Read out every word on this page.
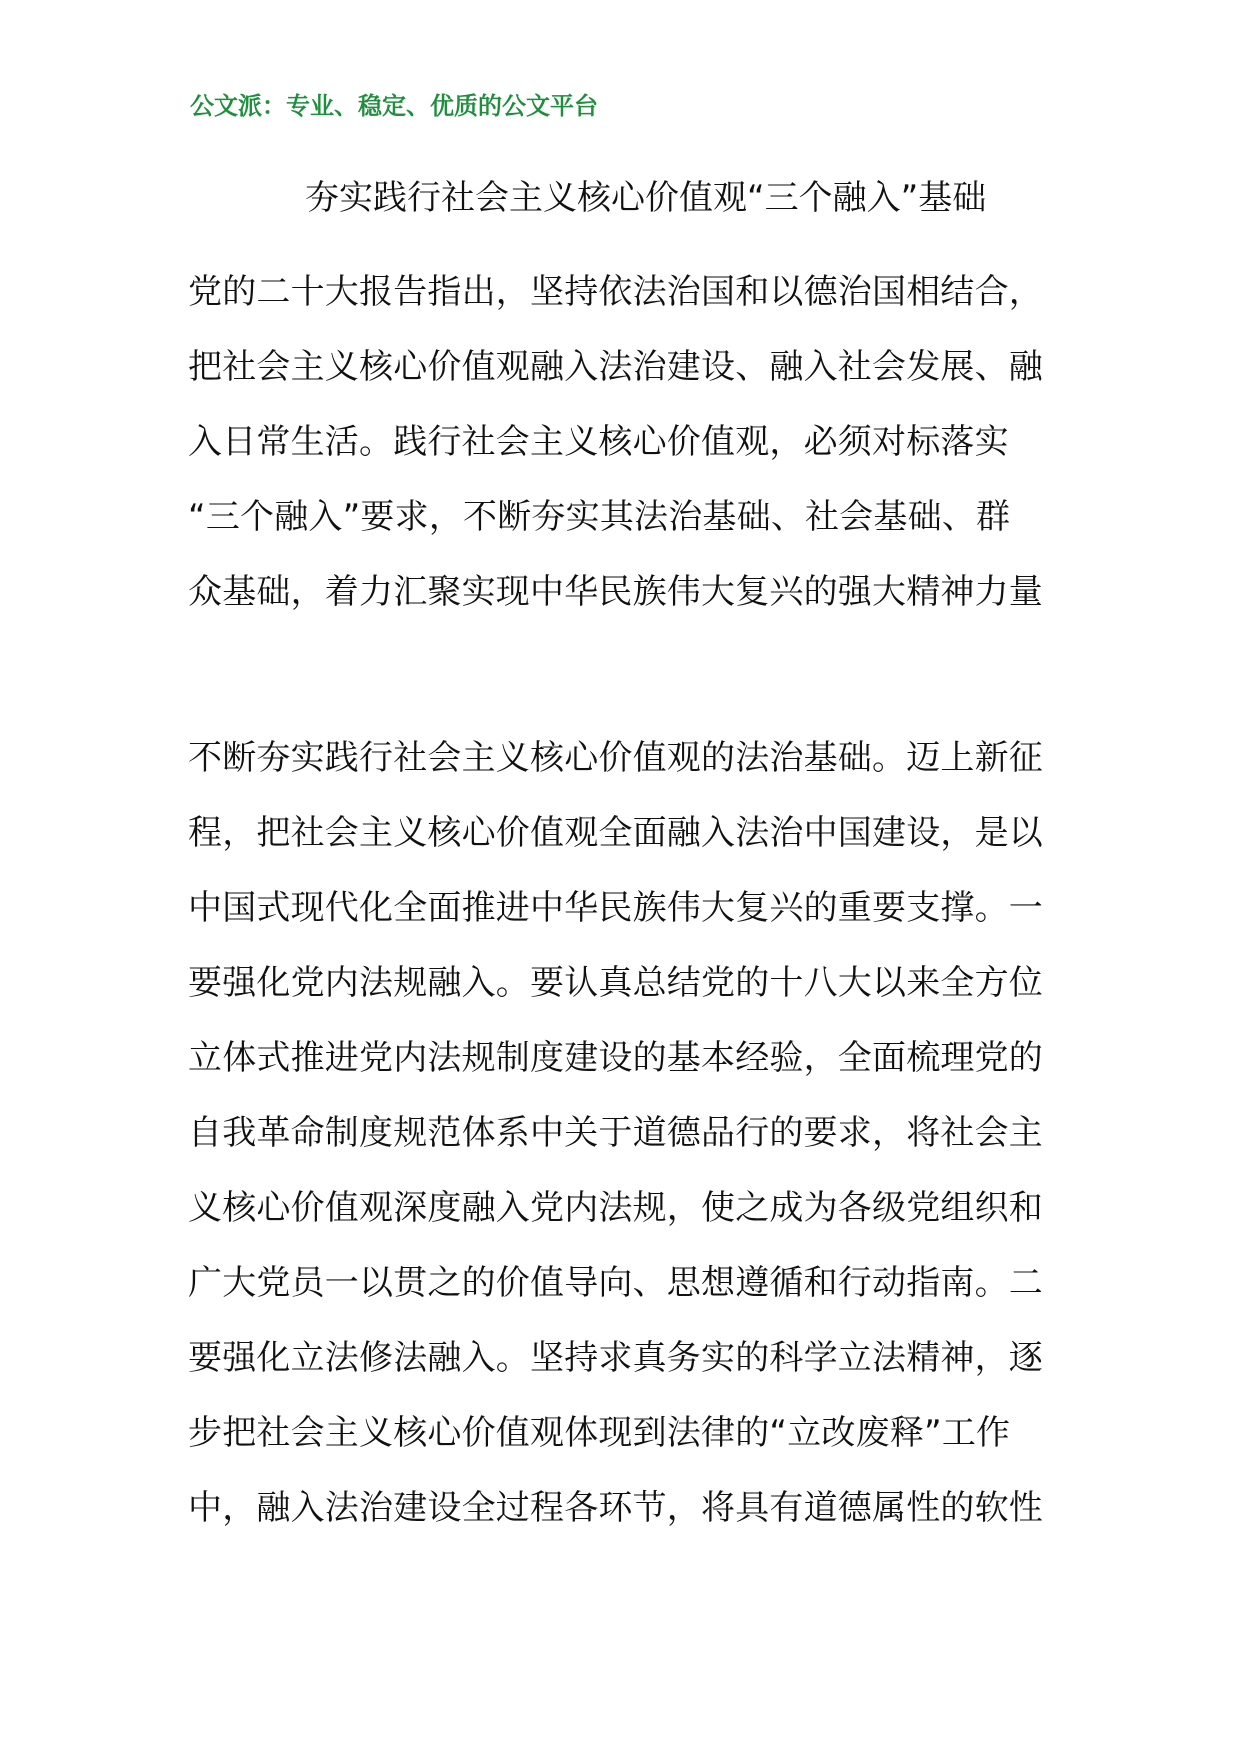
公文派：专业、稳定、优质的公文平台
夯实践行社会主义核心价值观“三个融入”基础
党的二十大报告指出，坚持依法治国和以德治国相结合，
把社会主义核心价值观融入法治建设、融入社会发展、融
入日常生活。践行社会主义核心价值观，必须对标落实
“三个融入”要求，不断夯实其法治基础、社会基础、群
众基础，着力汇聚实现中华民族伟大复兴的强大精神力量
不断夯实践行社会主义核心价值观的法治基础。迈上新征
程，把社会主义核心价值观全面融入法治中国建设，是以
中国式现代化全面推进中华民族伟大复兴的重要支撑。一
要强化党内法规融入。要认真总结党的十八大以来全方位
立体式推进党内法规制度建设的基本经验，全面梳理党的
自我革命制度规范体系中关于道德品行的要求，将社会主
义核心价值观深度融入党内法规，使之成为各级党组织和
广大党员一以贯之的价值导向、思想遵循和行动指南。二
要强化立法修法融入。坚持求真务实的科学立法精神，逐
步把社会主义核心价值观体现到法律的“立改废释”工作
中，融入法治建设全过程各环节，将具有道德属性的软性
